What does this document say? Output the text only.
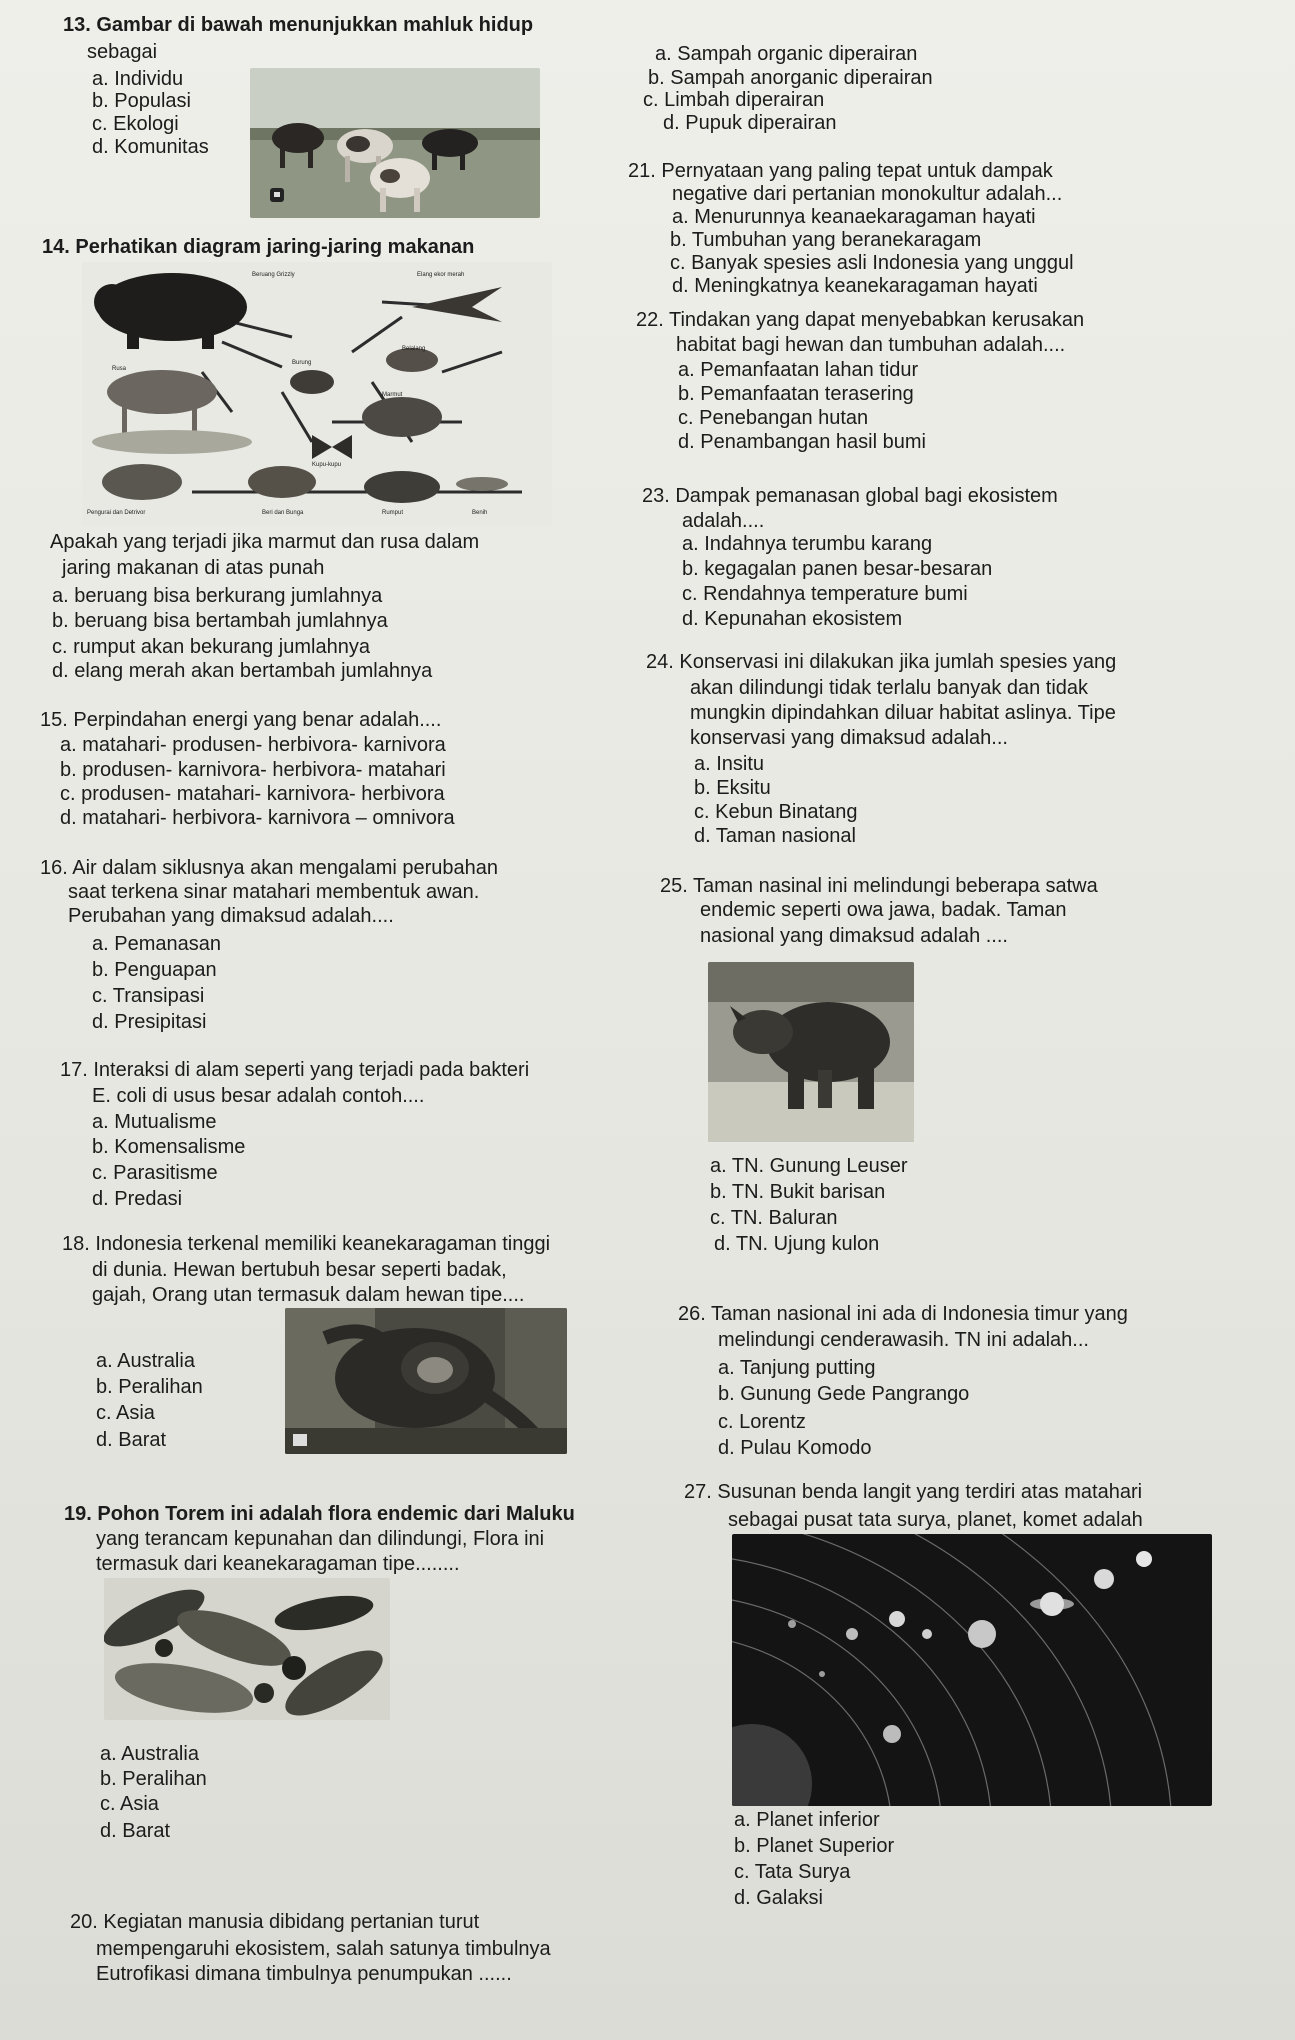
13. Gambar di bawah menunjukkan mahluk hidup
sebagai
a. Individu
b. Populasi
c. Ekologi
d. Komunitas
14. Perhatikan diagram jaring-jaring makanan
Beruang Grizzly	Elang ekor merah
Rusa
Burung
Marmut
Kupu-kupu
Belalang
Pengurai dan Detrivor	Beri dan Bunga	Rumput	Benih
Apakah yang terjadi jika marmut dan rusa dalam
jaring makanan di atas punah
a. beruang bisa berkurang jumlahnya
b. beruang bisa bertambah jumlahnya
c. rumput akan bekurang jumlahnya
d. elang merah akan bertambah jumlahnya
15. Perpindahan energi yang benar adalah....
a. matahari- produsen- herbivora- karnivora
b. produsen- karnivora- herbivora- matahari
c. produsen- matahari- karnivora- herbivora
d. matahari- herbivora- karnivora – omnivora
16. Air dalam siklusnya akan mengalami perubahan
saat terkena sinar matahari membentuk awan.
Perubahan yang dimaksud adalah....
a. Pemanasan
b. Penguapan
c. Transipasi
d. Presipitasi
17. Interaksi di alam seperti yang terjadi pada bakteri
E. coli di usus besar adalah contoh....
a. Mutualisme
b. Komensalisme
c. Parasitisme
d. Predasi
18. Indonesia terkenal memiliki keanekaragaman tinggi
di dunia. Hewan bertubuh besar seperti badak,
gajah, Orang utan termasuk dalam hewan tipe....
a. Australia
b. Peralihan
c. Asia
d. Barat
19. Pohon Torem ini adalah flora endemic dari Maluku
yang terancam kepunahan dan dilindungi, Flora ini
termasuk dari keanekaragaman tipe........
a. Australia
b. Peralihan
c. Asia
d. Barat
20. Kegiatan manusia dibidang pertanian turut
mempengaruhi ekosistem, salah satunya timbulnya
Eutrofikasi dimana timbulnya penumpukan ......
a. Sampah organic diperairan
b. Sampah anorganic diperairan
c. Limbah diperairan
d. Pupuk diperairan
21. Pernyataan yang paling tepat untuk dampak
negative dari pertanian monokultur adalah...
a. Menurunnya keanaekaragaman hayati
b. Tumbuhan yang beranekaragam
c. Banyak spesies asli Indonesia yang unggul
d. Meningkatnya keanekaragaman hayati
22. Tindakan yang dapat menyebabkan kerusakan
habitat bagi hewan dan tumbuhan adalah....
a. Pemanfaatan lahan tidur
b. Pemanfaatan terasering
c. Penebangan hutan
d. Penambangan hasil bumi
23. Dampak pemanasan global bagi ekosistem
adalah....
a. Indahnya terumbu karang
b. kegagalan panen besar-besaran
c. Rendahnya temperature bumi
d. Kepunahan ekosistem
24. Konservasi ini dilakukan jika jumlah spesies yang
akan dilindungi tidak terlalu banyak dan tidak
mungkin dipindahkan diluar habitat aslinya. Tipe
konservasi yang dimaksud adalah...
a. Insitu
b. Eksitu
c. Kebun Binatang
d. Taman nasional
25. Taman nasinal ini melindungi beberapa satwa
endemic seperti owa jawa, badak. Taman
nasional yang dimaksud adalah ....
a. TN. Gunung Leuser
b. TN. Bukit barisan
c. TN. Baluran
d. TN. Ujung kulon
26. Taman nasional ini ada di Indonesia timur yang
melindungi cenderawasih. TN ini adalah...
a. Tanjung putting
b. Gunung Gede Pangrango
c. Lorentz
d. Pulau Komodo
27. Susunan benda langit yang terdiri atas matahari
sebagai pusat tata surya, planet, komet adalah
a. Planet inferior
b. Planet Superior
c. Tata Surya
d. Galaksi
